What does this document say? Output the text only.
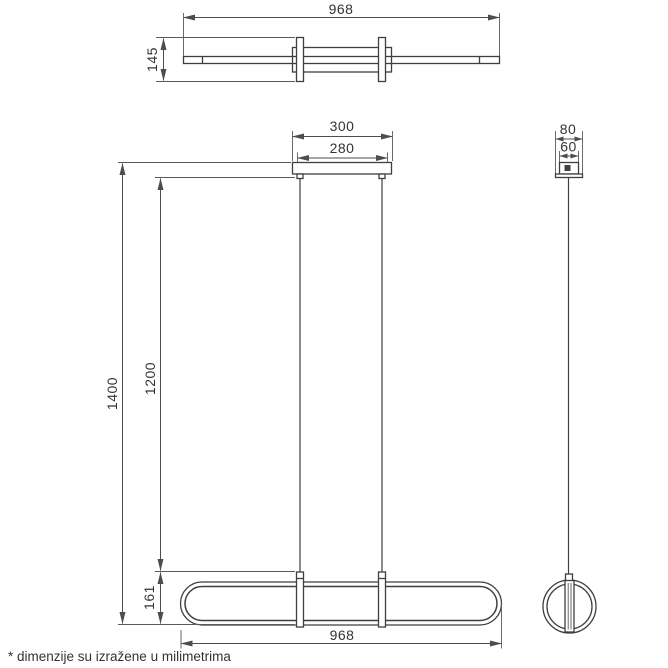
968
145
300
280
1400 1200
161
968
80
60
* dimenzije su izražene u milimetrima
